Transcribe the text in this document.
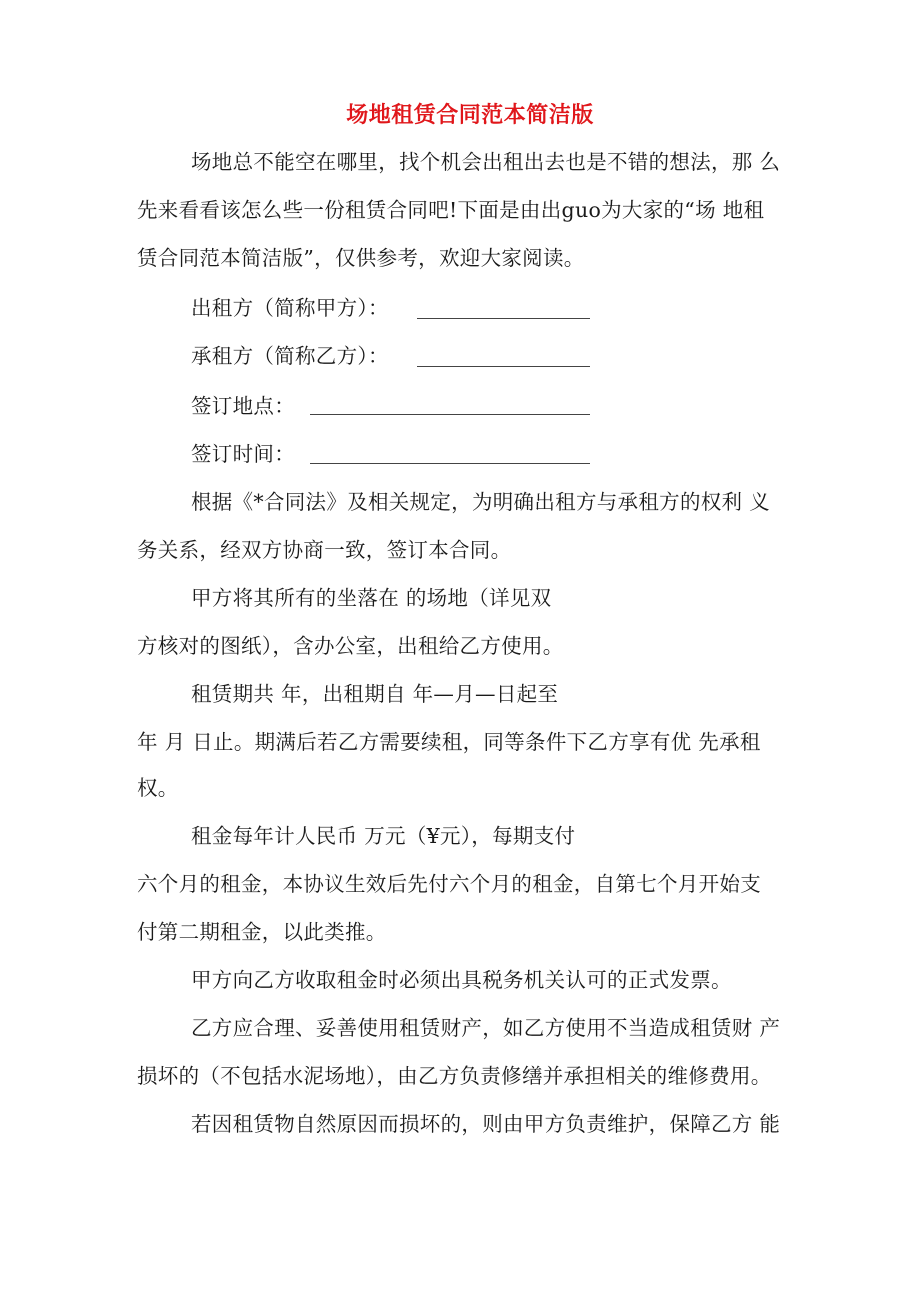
场地租赁合同范本简洁版
场地总不能空在哪里，找个机会出租出去也是不错的想法，那 么
先来看看该怎么些一份租赁合同吧!下面是由出guo为大家的“场 地租
赁合同范本简洁版”，仅供参考，欢迎大家阅读。
出租方（简称甲方）：
承租方（简称乙方）：
签订地点：
签订时间：
根据《*合同法》及相关规定，为明确出租方与承租方的权利 义
务关系，经双方协商一致，签订本合同。
甲方将其所有的坐落在 的场地（详见双
方核对的图纸），含办公室，出租给乙方使用。
租赁期共 年，出租期自 年—月—日起至
年 月 日止。期满后若乙方需要续租，同等条件下乙方享有优 先承租
权。
租金每年计人民币 万元（¥元），每期支付
六个月的租金，本协议生效后先付六个月的租金，自第七个月开始支
付第二期租金，以此类推。
甲方向乙方收取租金时必须出具税务机关认可的正式发票。
乙方应合理、妥善使用租赁财产，如乙方使用不当造成租赁财 产
损坏的（不包括水泥场地），由乙方负责修缮并承担相关的维修费用。
若因租赁物自然原因而损坏的，则由甲方负责维护，保障乙方 能
